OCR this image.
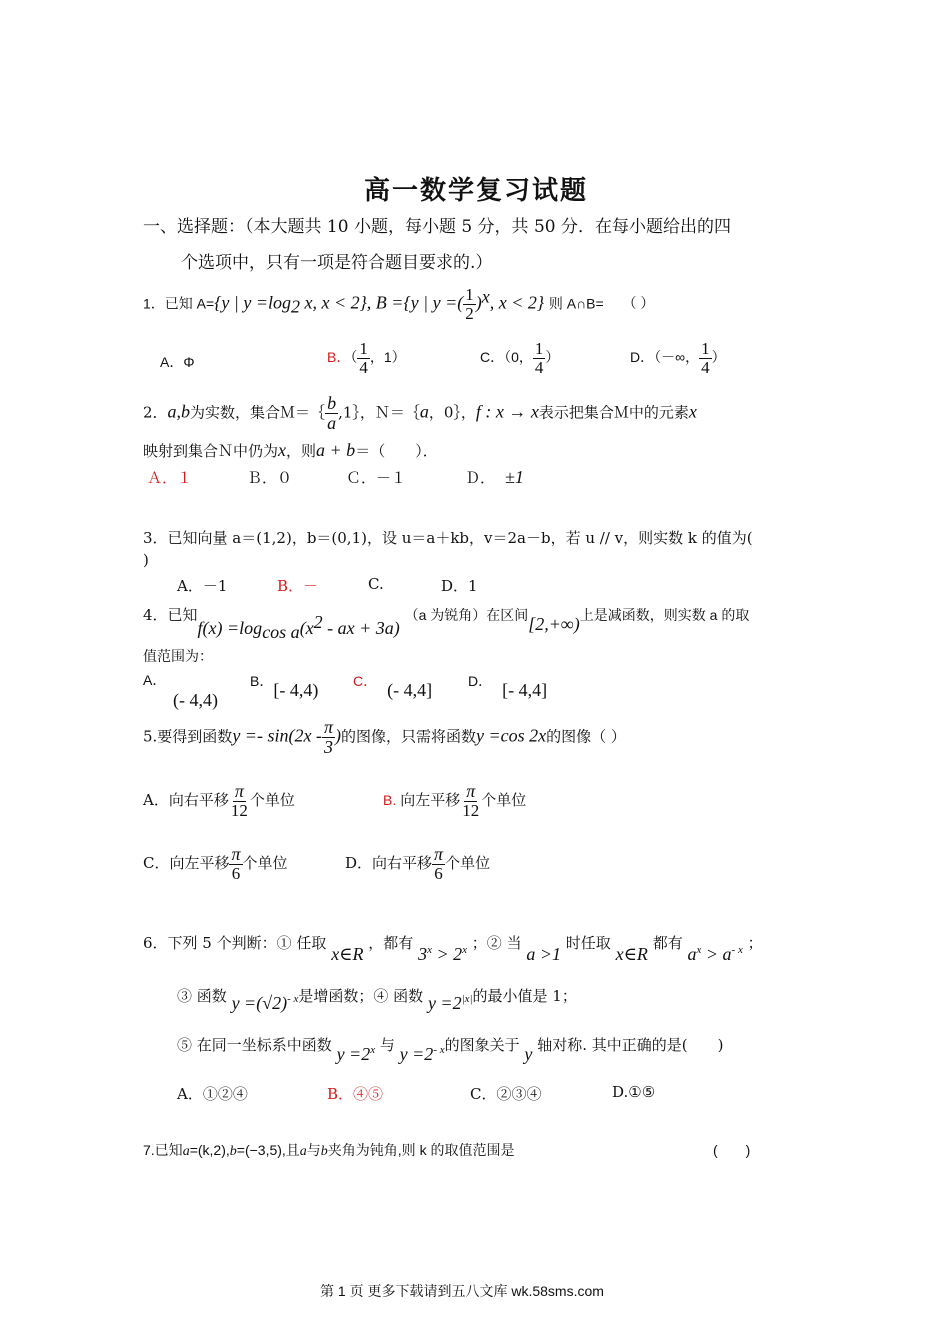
高一数学复习试题
一、选择题：（本大题共 10 小题，每小题 5 分，共 50 分．在每小题给出的四
个选项中，只有一项是符合题目要求的.）
1．已知 A={y | $y =\log_2$ x, x < 2}, B ={y | y =( $\frac{1}{2} )^x$, x < 2} 则 A∩B= （ ）
A．Φ	B．（ $\frac{1}{4}$ ，1）	C．（0， $\frac{1}{4}$ ）	D．（－∞， $\frac{1}{4}$ ）
2．a,b为实数，集合Ｍ＝｛ $\frac{b}{a}$ ,1｝，Ｎ＝｛a，0｝，f : x → x表示把集合Ｍ中的元素x
映射到集合Ｎ中仍为x，则a + b＝（　　）．
Ａ．１	Ｂ．０	Ｃ．－１	Ｄ． ±1
3．已知向量 a＝(1,2)，b＝(0,1)，设 u＝a＋kb，v＝2a－b，若 u // v，则实数 k 的值为(
)
A．－1	B．－	C.	D．1
4．已知$f(x) =\log_{cos a}(x^2$ - ax + 3a) （a 为锐角）在区间[2,+∞)上是减函数，则实数 a 的取
值范围为：
A．
(- 4,4)
B．[- 4,4) C． (- 4,4]	D． [- 4,4]
5.要得到函数$y =- \sin(2x - \frac{\pi}{3}$ )的图像，只需将函数y =cos 2x的图像（ ）
A．向右平移 $\frac{\pi}{12}$ 个单位	B. 向左平移 $\frac{\pi}{12}$ 个单位
C．向左平移 $\frac{\pi}{6}$ 个单位	D．向右平移 $\frac{\pi}{6}$ 个单位
6．下列 5 个判断：① 任取 x∈R ，都有 $3^x > 2^x$ ；② 当 a >1 时任取 x∈R 都有 $a^x > a^{- x}$ ；
③ 函数 $y =(√2)^{- x}$是增函数；④ 函数 $y =2^{|x|}$的最小值是 1；
⑤ 在同一坐标系中函数 $y =2^x$ 与 $y =2^{- x}$的图象关于 y 轴对称. 其中正确的是(　　)
A．①②④	B．④⑤	C．②③④	D.①⑤
7.已知a=(k,2),b=(−3,5),且a与b夹角为钝角,则 k 的取值范围是	(　　)
第 1 页 更多下载请到五八文库 wk.58sms.com
